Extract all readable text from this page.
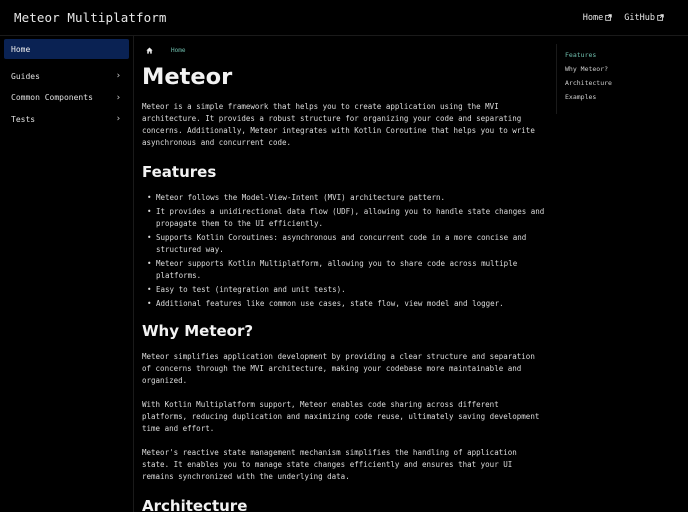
Meteor Multiplatform	Home GitHub
Home
Guides	›
Common Components	›
Tests	›
Home
Meteor

Meteor is a simple framework that helps you to create application using the MVI architecture. It provides a robust structure for organizing your code and separating concerns. Additionally, Meteor integrates with Kotlin Coroutine that helps you to write asynchronous and concurrent code.

Features
• Meteor follows the Model-View-Intent (MVI) architecture pattern.
• It provides a unidirectional data flow (UDF), allowing you to handle state changes and propagate them to the UI efficiently.
• Supports Kotlin Coroutines: asynchronous and concurrent code in a more concise and structured way.
• Meteor supports Kotlin Multiplatform, allowing you to share code across multiple platforms.
• Easy to test (integration and unit tests).
• Additional features like common use cases, state flow, view model and logger.
Why Meteor?

Meteor simplifies application development by providing a clear structure and separation of concerns through the MVI architecture, making your codebase more maintainable and organized.

With Kotlin Multiplatform support, Meteor enables code sharing across different platforms, reducing duplication and maximizing code reuse, ultimately saving development time and effort.

Meteor's reactive state management mechanism simplifies the handling of application state. It enables you to manage state changes efficiently and ensures that your UI remains synchronized with the underlying data.

Architecture
Features
Why Meteor?
Architecture
Examples
